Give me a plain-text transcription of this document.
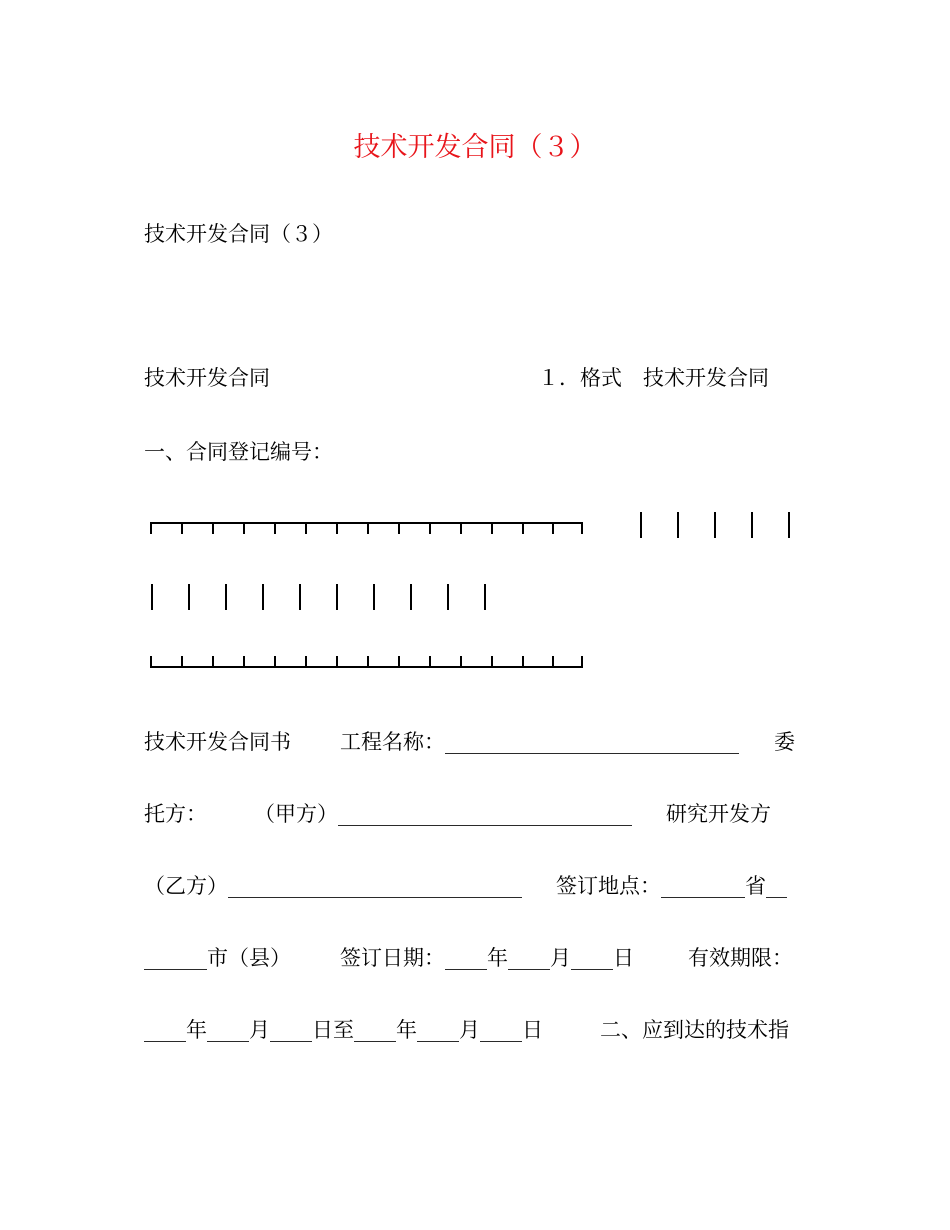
技术开发合同（３）
技术开发合同（３）
技术开发合同	１．格式　技术开发合同
一、合同登记编号：
技术开发合同书 工程名称：____________________________ 委
托方： （甲方）____________________________ 研究开发方
（乙方）____________________________ 签订地点：________省__
______市（县） 签订日期：____年____月____日	有效期限：
____年____月____日至____年____月____日	二、应到达的技术指
